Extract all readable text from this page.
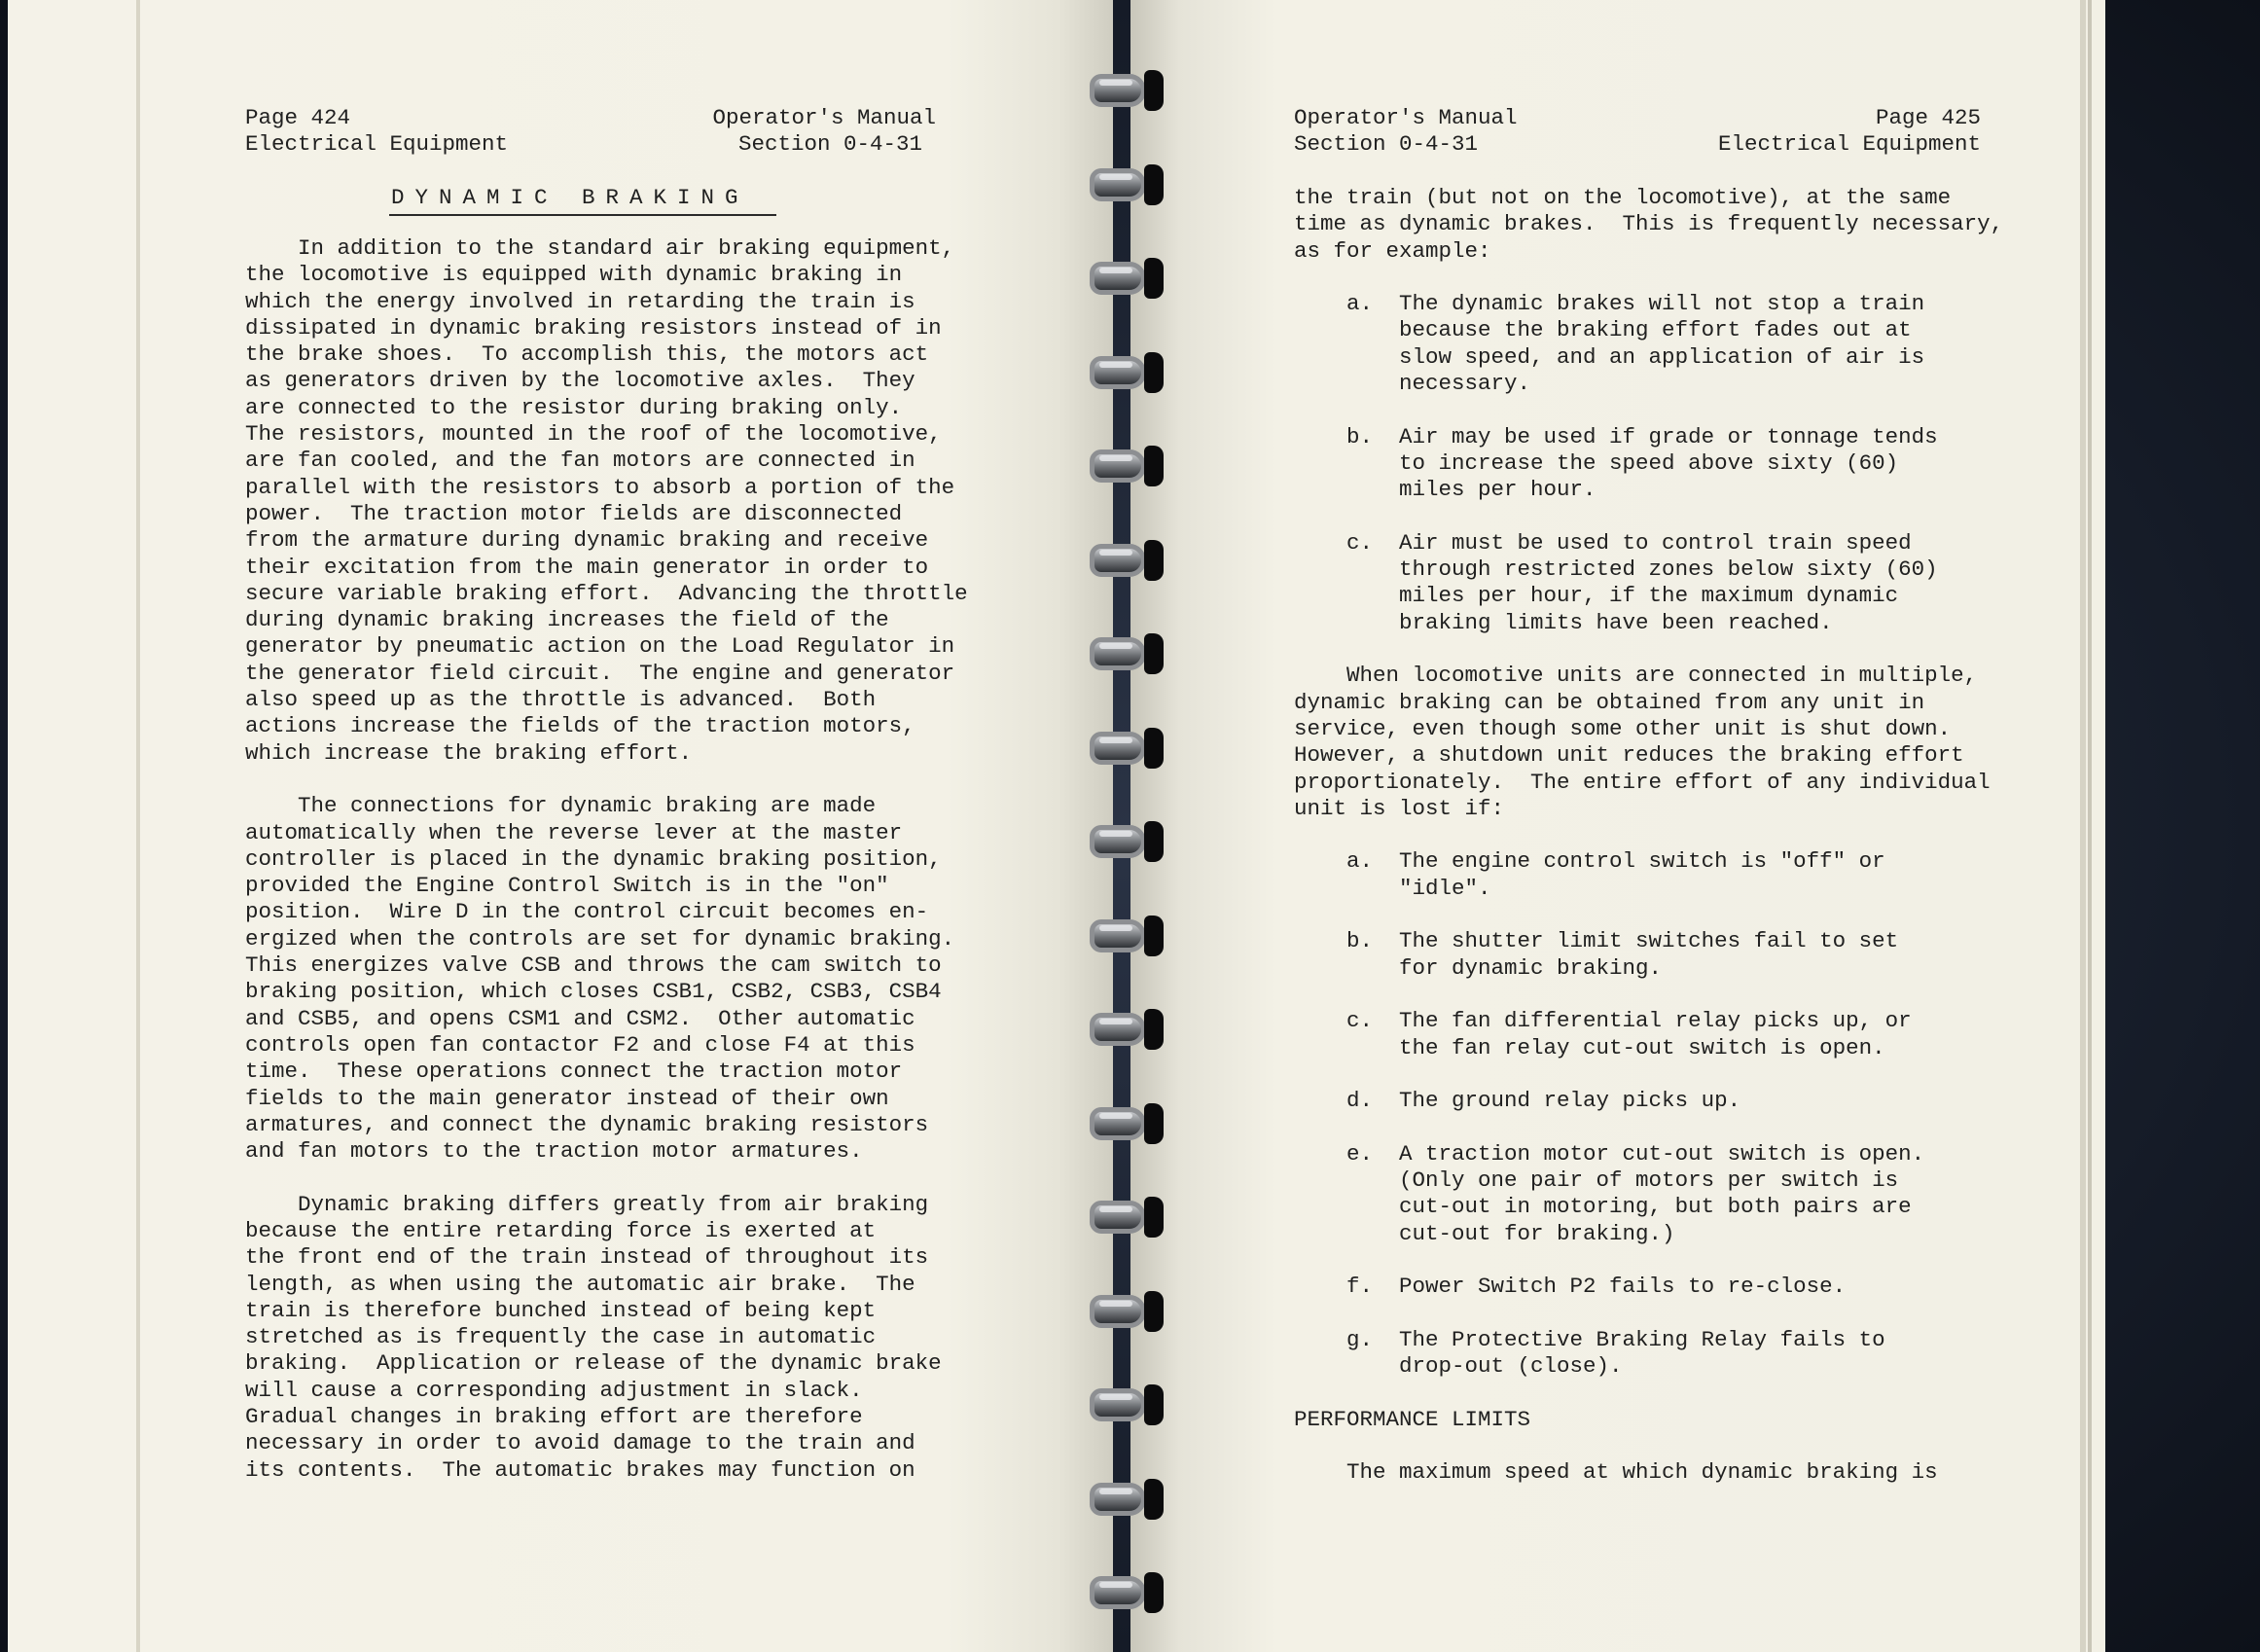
Page 424
Electrical Equipment
Operator's Manual
Section 0-4-31
DYNAMIC BRAKING
In addition to the standard air braking equipment,
the locomotive is equipped with dynamic braking in
which the energy involved in retarding the train is
dissipated in dynamic braking resistors instead of in
the brake shoes.  To accomplish this, the motors act
as generators driven by the locomotive axles.  They
are connected to the resistor during braking only.
The resistors, mounted in the roof of the locomotive,
are fan cooled, and the fan motors are connected in
parallel with the resistors to absorb a portion of the
power.  The traction motor fields are disconnected
from the armature during dynamic braking and receive
their excitation from the main generator in order to
secure variable braking effort.  Advancing the throttle
during dynamic braking increases the field of the
generator by pneumatic action on the Load Regulator in
the generator field circuit.  The engine and generator
also speed up as the throttle is advanced.  Both
actions increase the fields of the traction motors,
which increase the braking effort.

The connections for dynamic braking are made
automatically when the reverse lever at the master
controller is placed in the dynamic braking position,
provided the Engine Control Switch is in the "on"
position.  Wire D in the control circuit becomes en-
ergized when the controls are set for dynamic braking.
This energizes valve CSB and throws the cam switch to
braking position, which closes CSB1, CSB2, CSB3, CSB4
and CSB5, and opens CSM1 and CSM2.  Other automatic
controls open fan contactor F2 and close F4 at this
time.  These operations connect the traction motor
fields to the main generator instead of their own
armatures, and connect the dynamic braking resistors
and fan motors to the traction motor armatures.

Dynamic braking differs greatly from air braking
because the entire retarding force is exerted at
the front end of the train instead of throughout its
length, as when using the automatic air brake.  The
train is therefore bunched instead of being kept
stretched as is frequently the case in automatic
braking.  Application or release of the dynamic brake
will cause a corresponding adjustment in slack.
Gradual changes in braking effort are therefore
necessary in order to avoid damage to the train and
its contents.  The automatic brakes may function on
Operator's Manual
Section 0-4-31
Page 425
Electrical Equipment
the train (but not on the locomotive), at the same
time as dynamic brakes.  This is frequently necessary,
as for example:

a.  The dynamic brakes will not stop a train
because the braking effort fades out at
slow speed, and an application of air is
necessary.

b.  Air may be used if grade or tonnage tends
to increase the speed above sixty (60)
miles per hour.

c.  Air must be used to control train speed
through restricted zones below sixty (60)
miles per hour, if the maximum dynamic
braking limits have been reached.

When locomotive units are connected in multiple,
dynamic braking can be obtained from any unit in
service, even though some other unit is shut down.
However, a shutdown unit reduces the braking effort
proportionately.  The entire effort of any individual
unit is lost if:

a.  The engine control switch is "off" or
"idle".

b.  The shutter limit switches fail to set
for dynamic braking.

c.  The fan differential relay picks up, or
the fan relay cut-out switch is open.

d.  The ground relay picks up.

e.  A traction motor cut-out switch is open.
(Only one pair of motors per switch is
cut-out in motoring, but both pairs are
cut-out for braking.)

f.  Power Switch P2 fails to re-close.

g.  The Protective Braking Relay fails to
drop-out (close).

PERFORMANCE LIMITS

The maximum speed at which dynamic braking is
